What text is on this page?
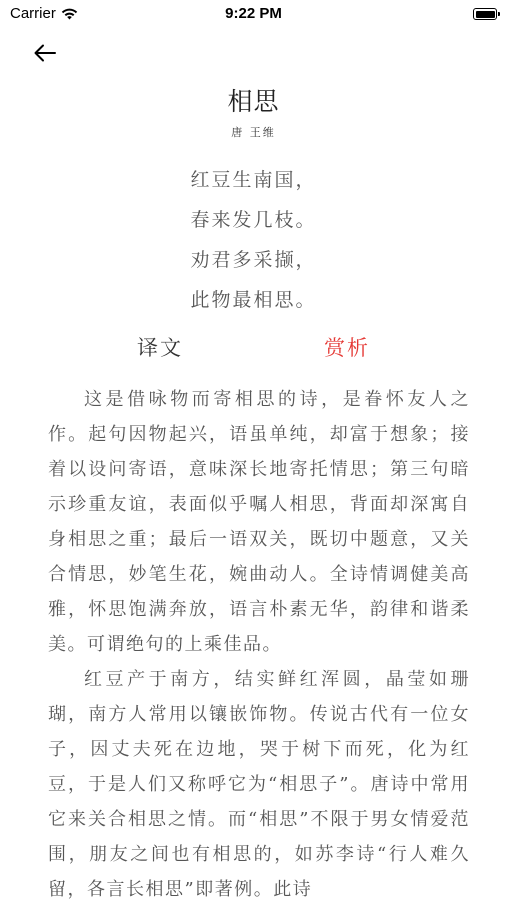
Carrier	9:22 PM
相思
唐 王维
红豆生南国，
春来发几枝。
劝君多采撷，
此物最相思。
译文	赏析

这是借咏物而寄相思的诗，是眷怀友人之作。起句因物起兴，语虽单纯，却富于想象；接着以设问寄语，意味深长地寄托情思；第三句暗示珍重友谊，表面似乎嘱人相思，背面却深寓自身相思之重；最后一语双关，既切中题意，又关合情思，妙笔生花，婉曲动人。全诗情调健美高雅，怀思饱满奔放，语言朴素无华，韵律和谐柔美。可谓绝句的上乘佳品。

红豆产于南方，结实鲜红浑圆，晶莹如珊瑚，南方人常用以镶嵌饰物。传说古代有一位女子，因丈夫死在边地，哭于树下而死，化为红豆，于是人们又称呼它为“相思子”。唐诗中常用它来关合相思之情。而“相思”不限于男女情爱范围，朋友之间也有相思的，如苏李诗“行人难久留，各言长相思”即著例。此诗
